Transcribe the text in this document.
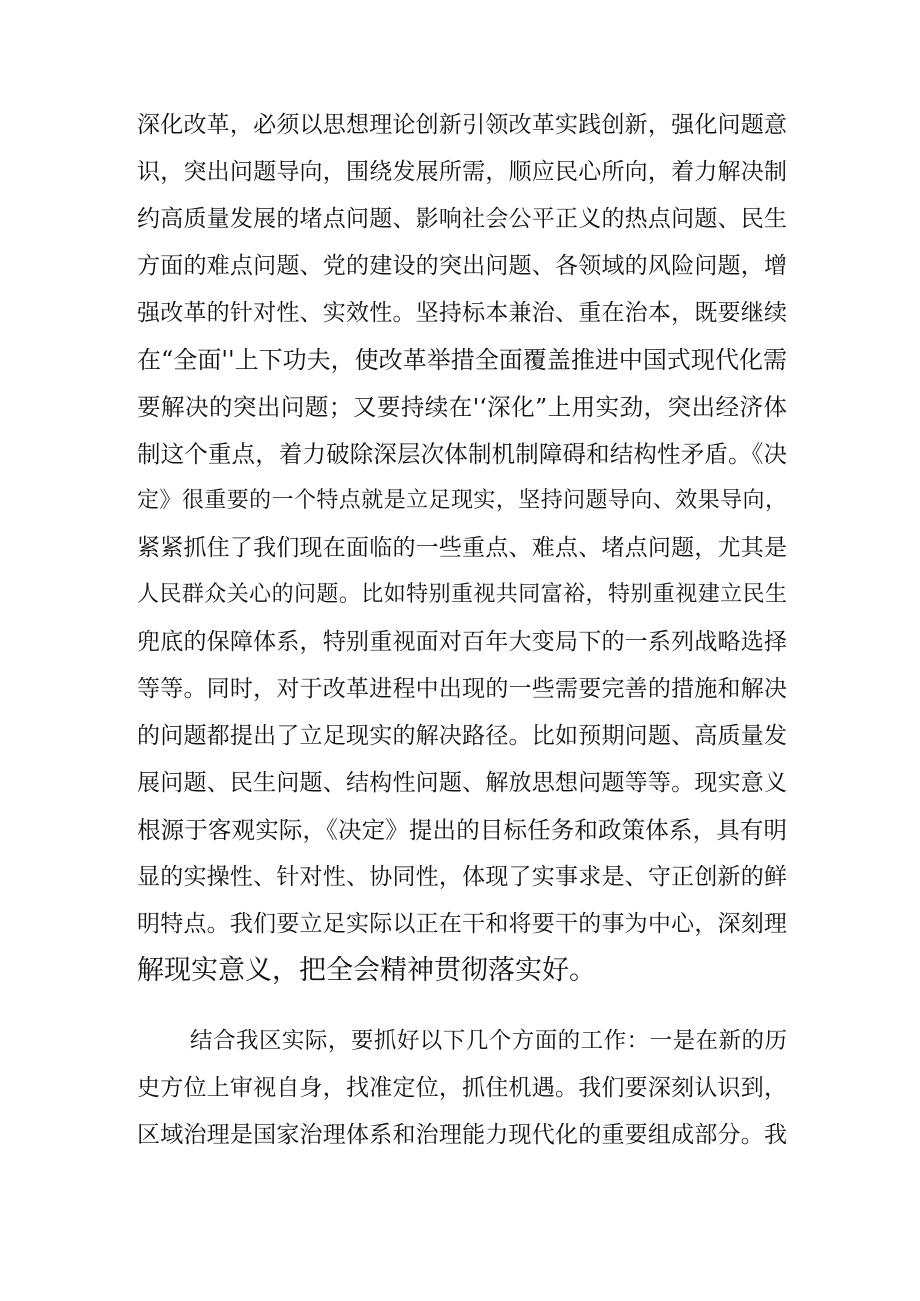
深化改革，必须以思想理论创新引领改革实践创新，强化问题意
识，突出问题导向，围绕发展所需，顺应民心所向，着力解决制
约高质量发展的堵点问题、影响社会公平正义的热点问题、民生
方面的难点问题、党的建设的突出问题、各领域的风险问题，增
强改革的针对性、实效性。坚持标本兼治、重在治本，既要继续
在“全面''上下功夫，使改革举措全面覆盖推进中国式现代化需
要解决的突出问题；又要持续在'‘深化”上用实劲，突出经济体
制这个重点，着力破除深层次体制机制障碍和结构性矛盾。《决
定》很重要的一个特点就是立足现实，坚持问题导向、效果导向，
紧紧抓住了我们现在面临的一些重点、难点、堵点问题，尤其是
人民群众关心的问题。比如特别重视共同富裕，特别重视建立民生
兜底的保障体系，特别重视面对百年大变局下的一系列战略选择
等等。同时，对于改革进程中出现的一些需要完善的措施和解决
的问题都提出了立足现实的解决路径。比如预期问题、高质量发
展问题、民生问题、结构性问题、解放思想问题等等。现实意义
根源于客观实际，《决定》提出的目标任务和政策体系，具有明
显的实操性、针对性、协同性，体现了实事求是、守正创新的鲜
明特点。我们要立足实际以正在干和将要干的事为中心，深刻理
解现实意义，把全会精神贯彻落实好。
结合我区实际，要抓好以下几个方面的工作：一是在新的历
史方位上审视自身，找准定位，抓住机遇。我们要深刻认识到，
区域治理是国家治理体系和治理能力现代化的重要组成部分。我
